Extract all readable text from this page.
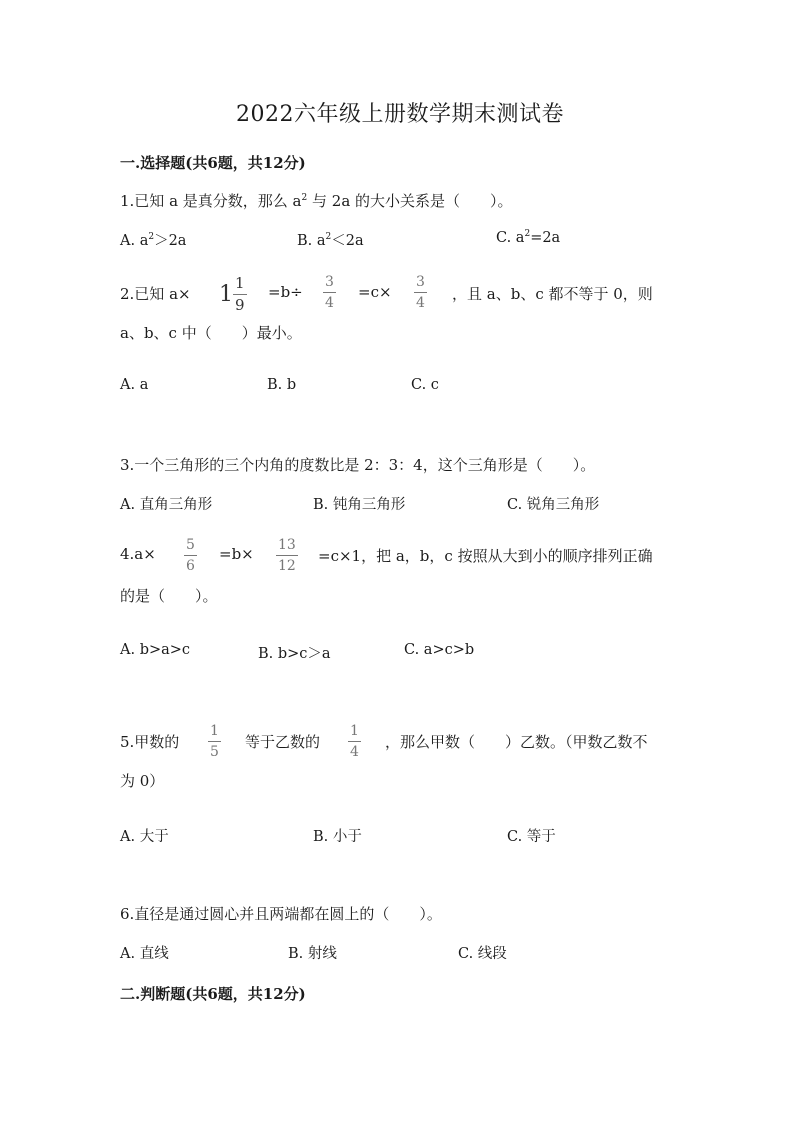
2022六年级上册数学期末测试卷
一.选择题(共6题，共12分)
1.已知 a 是真分数，那么 $a^2$ 与 2a 的大小关系是（　　）。
A. $a^2>2a$	B. $a^2<2a$	C. $a^2=2a$
2.已知 $a\times 1 \frac{1}{9} =b\div$
3
4
=c×
3
4 ，且 a、b、c 都不等于 0，则
a、b、c 中（　　）最小。
A. a	B. b	C. c
3.一个三角形的三个内角的度数比是 2：3：4，这个三角形是（　　）。
A. 直角三角形	B. 钝角三角形	C. 锐角三角形
4.a× 5
6
=b× 13
12
=c×1，把 a，b，c 按照从大到小的顺序排列正确
的是（　　）。
A. b>a>c	B. b>c＞a	C. a>c>b
5.甲数的
1
5
等于乙数的
1
4
，那么甲数（　　）乙数。（甲数乙数不
为 0）
A. 大于	B. 小于	C. 等于
6.直径是通过圆心并且两端都在圆上的（　　）。
A. 直线	B. 射线	C. 线段
二.判断题(共6题，共12分)
